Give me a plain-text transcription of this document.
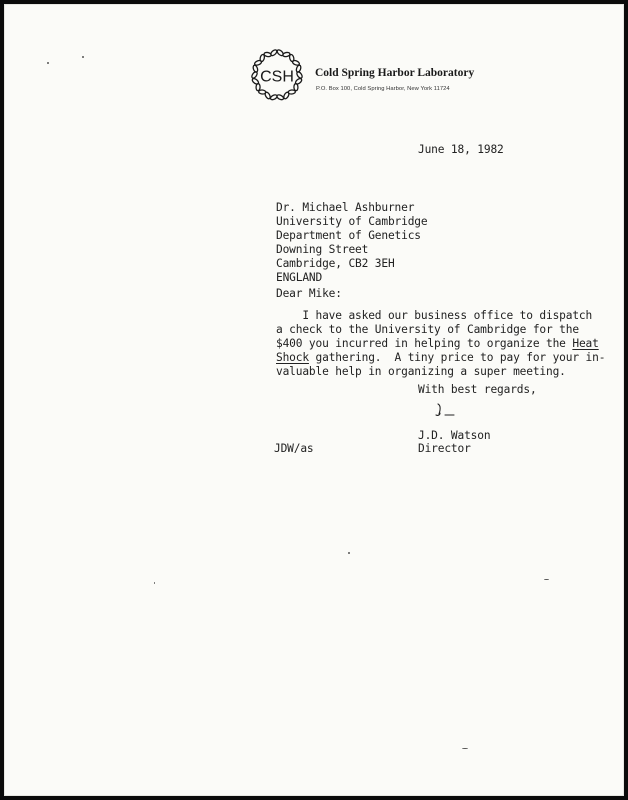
CSH Cold Spring Harbor Laboratory
P.O. Box 100, Cold Spring Harbor, New York 11724
June 18, 1982
Dr. Michael Ashburner
University of Cambridge
Department of Genetics
Downing Street
Cambridge, CB2 3EH
ENGLAND
Dear Mike:
I have asked our business office to dispatch
a check to the University of Cambridge for the
$400 you incurred in helping to organize the Heat
Shock gathering.  A tiny price to pay for your in-
valuable help in organizing a super meeting.
With best regards,
J.D. Watson
Director
JDW/as
